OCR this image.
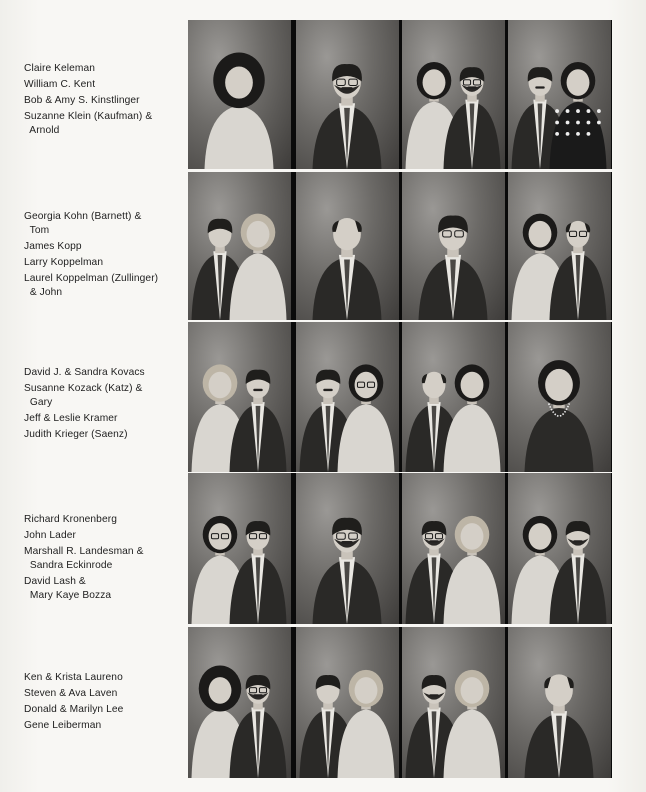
Claire Keleman
William C. Kent
Bob & Amy S. Kinstlinger
Suzanne Klein (Kaufman) &
Arnold
Georgia Kohn (Barnett) &
Tom
James Kopp
Larry Koppelman
Laurel Koppelman (Zullinger)
& John
David J. & Sandra Kovacs
Susanne Kozack (Katz) &
Gary
Jeff & Leslie Kramer
Judith Krieger (Saenz)
Richard Kronenberg
John Lader
Marshall R. Landesman &
Sandra Eckinrode
David Lash &
Mary Kaye Bozza
Ken & Krista Laureno
Steven & Ava Laven
Donald & Marilyn Lee
Gene Leiberman
